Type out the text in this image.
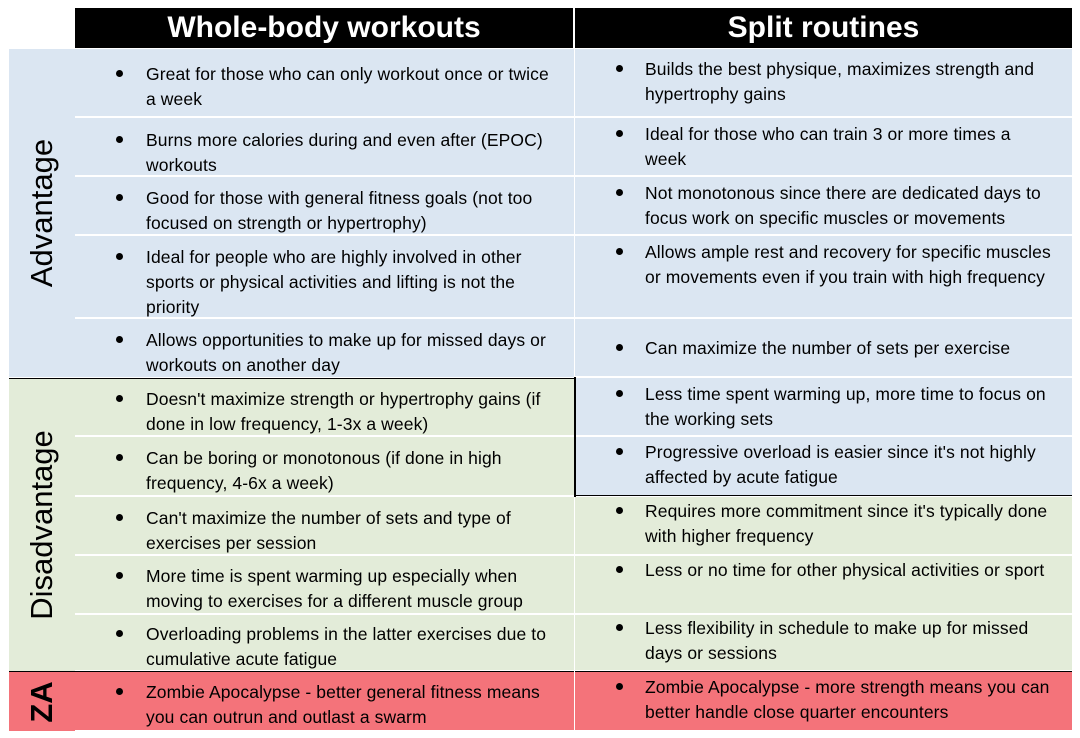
Whole-body workouts	Split routines
Advantage
Disadvantage
ZA
Great for those who can only workout once or twice a week
Burns more calories during and even after (EPOC) workouts
Good for those with general fitness goals (not too focused on strength or hypertrophy)
Ideal for people who are highly involved in other sports or physical activities and lifting is not the priority
Allows opportunities to make up for missed days or workouts on another day
Doesn't maximize strength or hypertrophy gains (if done in low frequency, 1-3x a week)
Can be boring or monotonous (if done in high frequency, 4-6x a week)
Can't maximize the number of sets and type of exercises per session
More time is spent warming up especially when moving to exercises for a different muscle group
Overloading problems in the latter exercises due to cumulative acute fatigue
Zombie Apocalypse - better general fitness means you can outrun and outlast a swarm
Builds the best physique, maximizes strength and hypertrophy gains
Ideal for those who can train 3 or more times a week
Not monotonous since there are dedicated days to focus work on specific muscles or movements
Allows ample rest and recovery for specific muscles or movements even if you train with high frequency
Can maximize the number of sets per exercise
Less time spent warming up, more time to focus on the working sets
Progressive overload is easier since it's not highly affected by acute fatigue
Requires more commitment since it's typically done with higher frequency
Less or no time for other physical activities or sport
Less flexibility in schedule to make up for missed days or sessions
Zombie Apocalypse - more strength means you can better handle close quarter encounters
